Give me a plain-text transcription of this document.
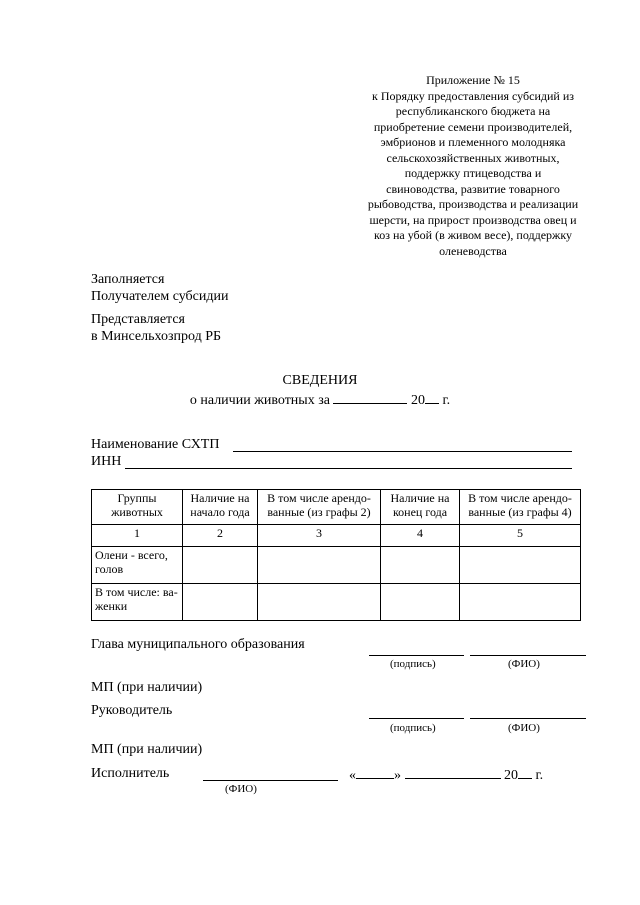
Приложение № 15
к Порядку предоставления субсидий из
республиканского бюджета на
приобретение семени производителей,
эмбрионов и племенного молодняка
сельскохозяйственных животных,
поддержку птицеводства и
свиноводства, развитие товарного
рыбоводства, производства и реализации
шерсти, на прирост производства овец и
коз на убой (в живом весе), поддержку
оленеводства
Заполняется
Получателем субсидии
Представляется
в Минсельхозпрод РБ
СВЕДЕНИЯ
о наличии животных за	20 г.
Наименование СХТП
ИНН
Группы животных	Наличие на начало года	В том числе арендо-ванные (из графы 2)	Наличие на конец года	В том числе арендо-ванные (из графы 4)
1	2	3	4	5
Олени - всего, голов				
В том числе: ва-женки				
Глава муниципального образования
(подпись)	(ФИО)
МП (при наличии)
Руководитель
(подпись)	(ФИО)
МП (при наличии)
Исполнитель
(ФИО)
«	»	20 г.
